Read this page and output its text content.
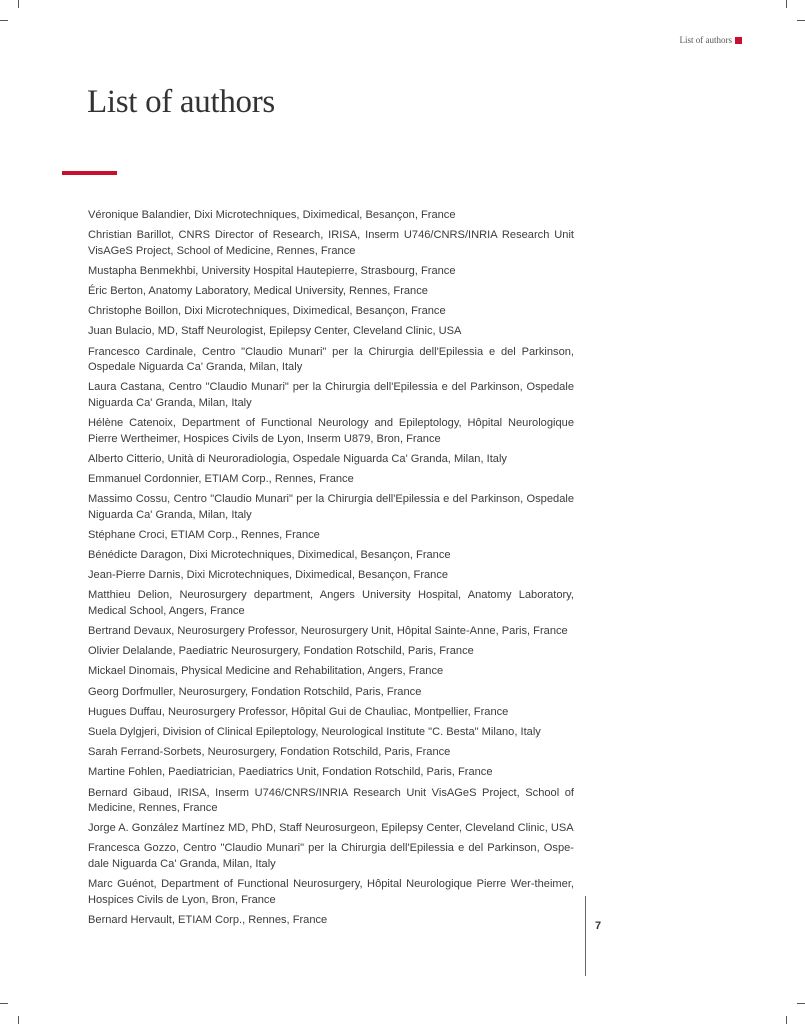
List of authors
List of authors
Véronique Balandier, Dixi Microtechniques, Diximedical, Besançon, France
Christian Barillot, CNRS Director of Research, IRISA, Inserm U746/CNRS/INRIA Research Unit VisAGeS Project, School of Medicine, Rennes, France
Mustapha Benmekhbi, University Hospital Hautepierre, Strasbourg, France
Éric Berton, Anatomy Laboratory, Medical University, Rennes, France
Christophe Boillon, Dixi Microtechniques, Diximedical, Besançon, France
Juan Bulacio, MD, Staff Neurologist, Epilepsy Center, Cleveland Clinic, USA
Francesco Cardinale, Centro "Claudio Munari" per la Chirurgia dell'Epilessia e del Parkinson, Ospedale Niguarda Ca' Granda, Milan, Italy
Laura Castana, Centro "Claudio Munari" per la Chirurgia dell'Epilessia e del Parkinson, Ospedale Niguarda Ca' Granda, Milan, Italy
Hélène Catenoix, Department of Functional Neurology and Epileptology, Hôpital Neurologique Pierre Wertheimer, Hospices Civils de Lyon, Inserm U879, Bron, France
Alberto Citterio, Unità di Neuroradiologia, Ospedale Niguarda Ca' Granda, Milan, Italy
Emmanuel Cordonnier, ETIAM Corp., Rennes, France
Massimo Cossu, Centro "Claudio Munari" per la Chirurgia dell'Epilessia e del Parkinson, Ospedale Niguarda Ca' Granda, Milan, Italy
Stéphane Croci, ETIAM Corp., Rennes, France
Bénédicte Daragon, Dixi Microtechniques, Diximedical, Besançon, France
Jean-Pierre Darnis, Dixi Microtechniques, Diximedical, Besançon, France
Matthieu Delion, Neurosurgery department, Angers University Hospital, Anatomy Laboratory, Medical School, Angers, France
Bertrand Devaux, Neurosurgery Professor, Neurosurgery Unit, Hôpital Sainte-Anne, Paris, France
Olivier Delalande, Paediatric Neurosurgery, Fondation Rotschild, Paris, France
Mickael Dinomais, Physical Medicine and Rehabilitation, Angers, France
Georg Dorfmuller, Neurosurgery, Fondation Rotschild, Paris, France
Hugues Duffau, Neurosurgery Professor, Hôpital Gui de Chauliac, Montpellier, France
Suela Dylgjeri, Division of Clinical Epileptology, Neurological Institute "C. Besta" Milano, Italy
Sarah Ferrand-Sorbets, Neurosurgery, Fondation Rotschild, Paris, France
Martine Fohlen, Paediatrician, Paediatrics Unit, Fondation Rotschild, Paris, France
Bernard Gibaud, IRISA, Inserm U746/CNRS/INRIA Research Unit VisAGeS Project, School of Medicine, Rennes, France
Jorge A. González Martínez MD, PhD, Staff Neurosurgeon, Epilepsy Center, Cleveland Clinic, USA
Francesca Gozzo, Centro "Claudio Munari" per la Chirurgia dell'Epilessia e del Parkinson, Ospe-dale Niguarda Ca' Granda, Milan, Italy
Marc Guénot, Department of Functional Neurosurgery, Hôpital Neurologique Pierre Wer-theimer, Hospices Civils de Lyon, Bron, France
Bernard Hervault, ETIAM Corp., Rennes, France
7
